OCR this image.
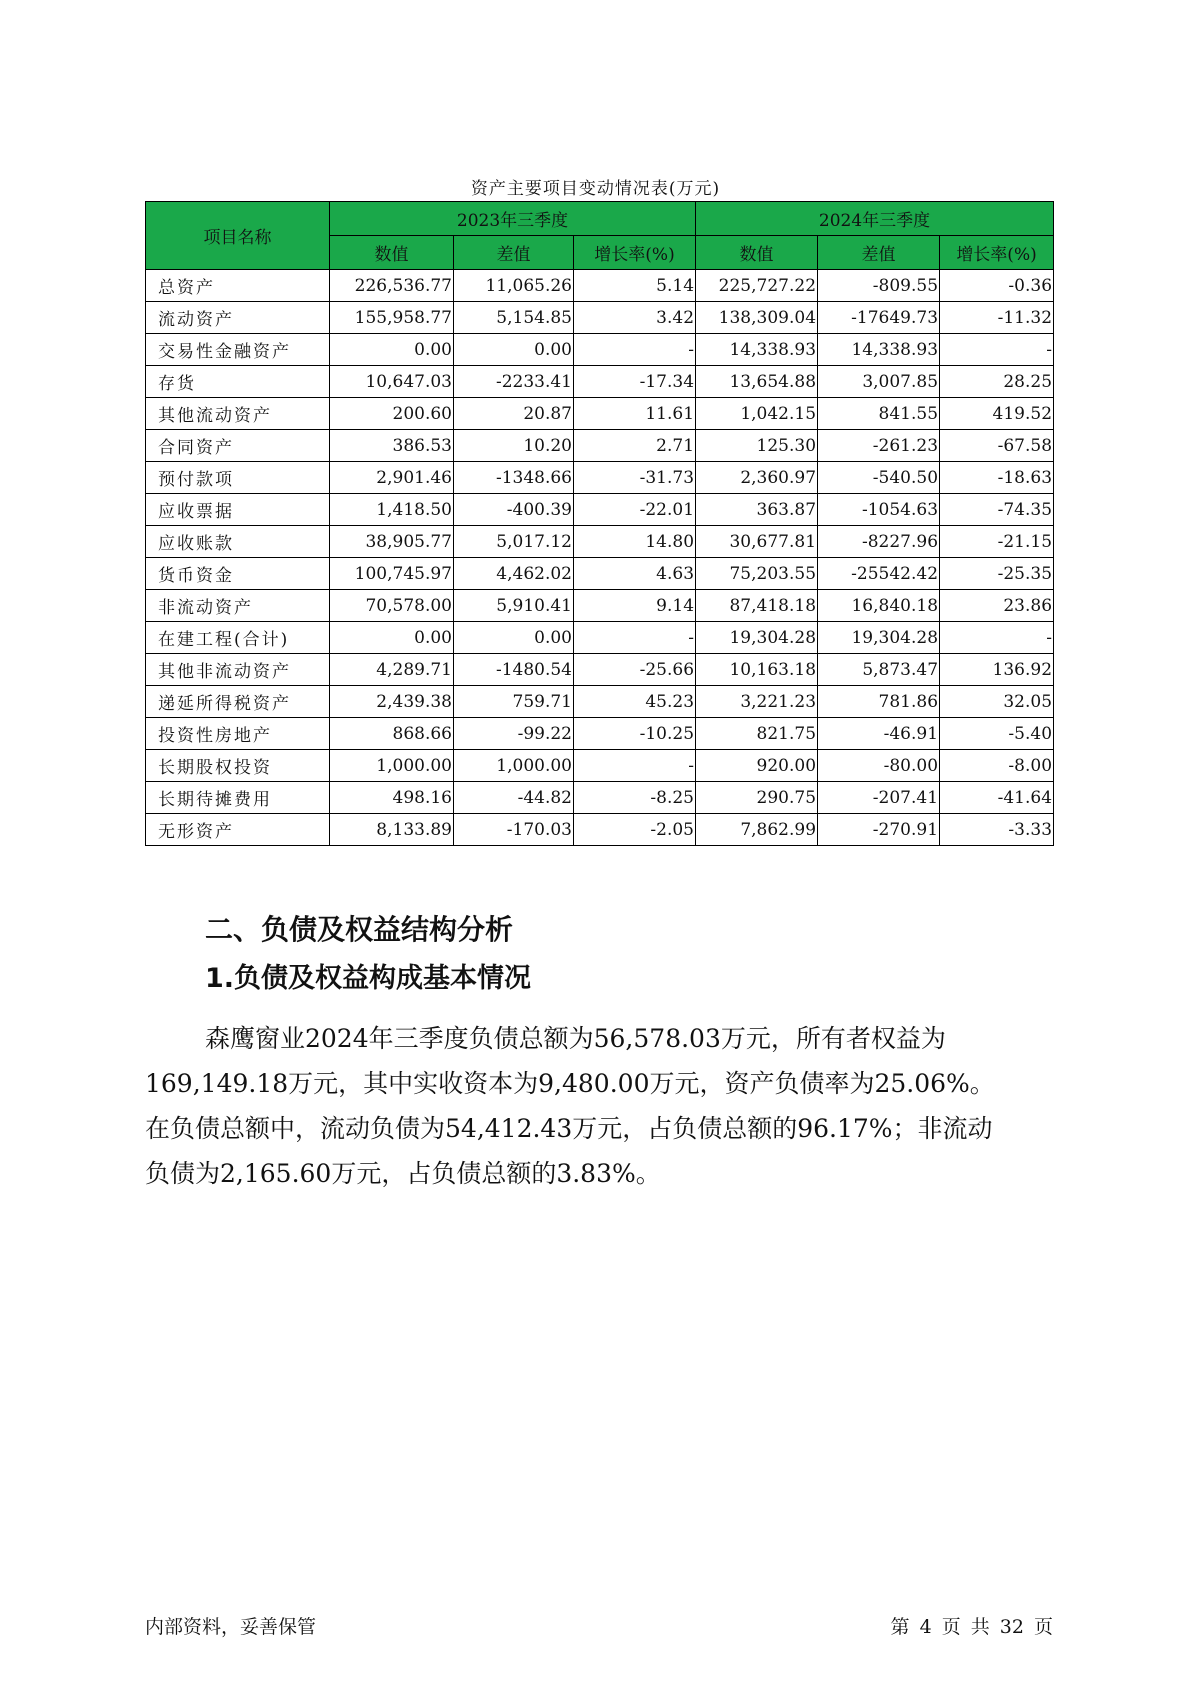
资产主要项目变动情况表(万元)
项目名称	2023年三季度			2024年三季度		
	数值	差值	增长率(%)	数值	差值	增长率(%)
总资产	226,536.77	11,065.26	5.14	225,727.22	-809.55	-0.36
流动资产	155,958.77	5,154.85	3.42	138,309.04	-17649.73	-11.32
交易性金融资产	0.00	0.00	-	14,338.93	14,338.93	-
存货	10,647.03	-2233.41	-17.34	13,654.88	3,007.85	28.25
其他流动资产	200.60	20.87	11.61	1,042.15	841.55	419.52
合同资产	386.53	10.20	2.71	125.30	-261.23	-67.58
预付款项	2,901.46	-1348.66	-31.73	2,360.97	-540.50	-18.63
应收票据	1,418.50	-400.39	-22.01	363.87	-1054.63	-74.35
应收账款	38,905.77	5,017.12	14.80	30,677.81	-8227.96	-21.15
货币资金	100,745.97	4,462.02	4.63	75,203.55	-25542.42	-25.35
非流动资产	70,578.00	5,910.41	9.14	87,418.18	16,840.18	23.86
在建工程(合计)	0.00	0.00	-	19,304.28	19,304.28	-
其他非流动资产	4,289.71	-1480.54	-25.66	10,163.18	5,873.47	136.92
递延所得税资产	2,439.38	759.71	45.23	3,221.23	781.86	32.05
投资性房地产	868.66	-99.22	-10.25	821.75	-46.91	-5.40
长期股权投资	1,000.00	1,000.00	-	920.00	-80.00	-8.00
长期待摊费用	498.16	-44.82	-8.25	290.75	-207.41	-41.64
无形资产	8,133.89	-170.03	-2.05	7,862.99	-270.91	-3.33
二、负债及权益结构分析
1.负债及权益构成基本情况
森鹰窗业2024年三季度负债总额为56,578.03万元，所有者权益为
169,149.18万元，其中实收资本为9,480.00万元，资产负债率为25.06%。
在负债总额中，流动负债为54,412.43万元，占负债总额的96.17%；非流动
负债为2,165.60万元，占负债总额的3.83%。
内部资料，妥善保管	第 4 页 共 32 页
